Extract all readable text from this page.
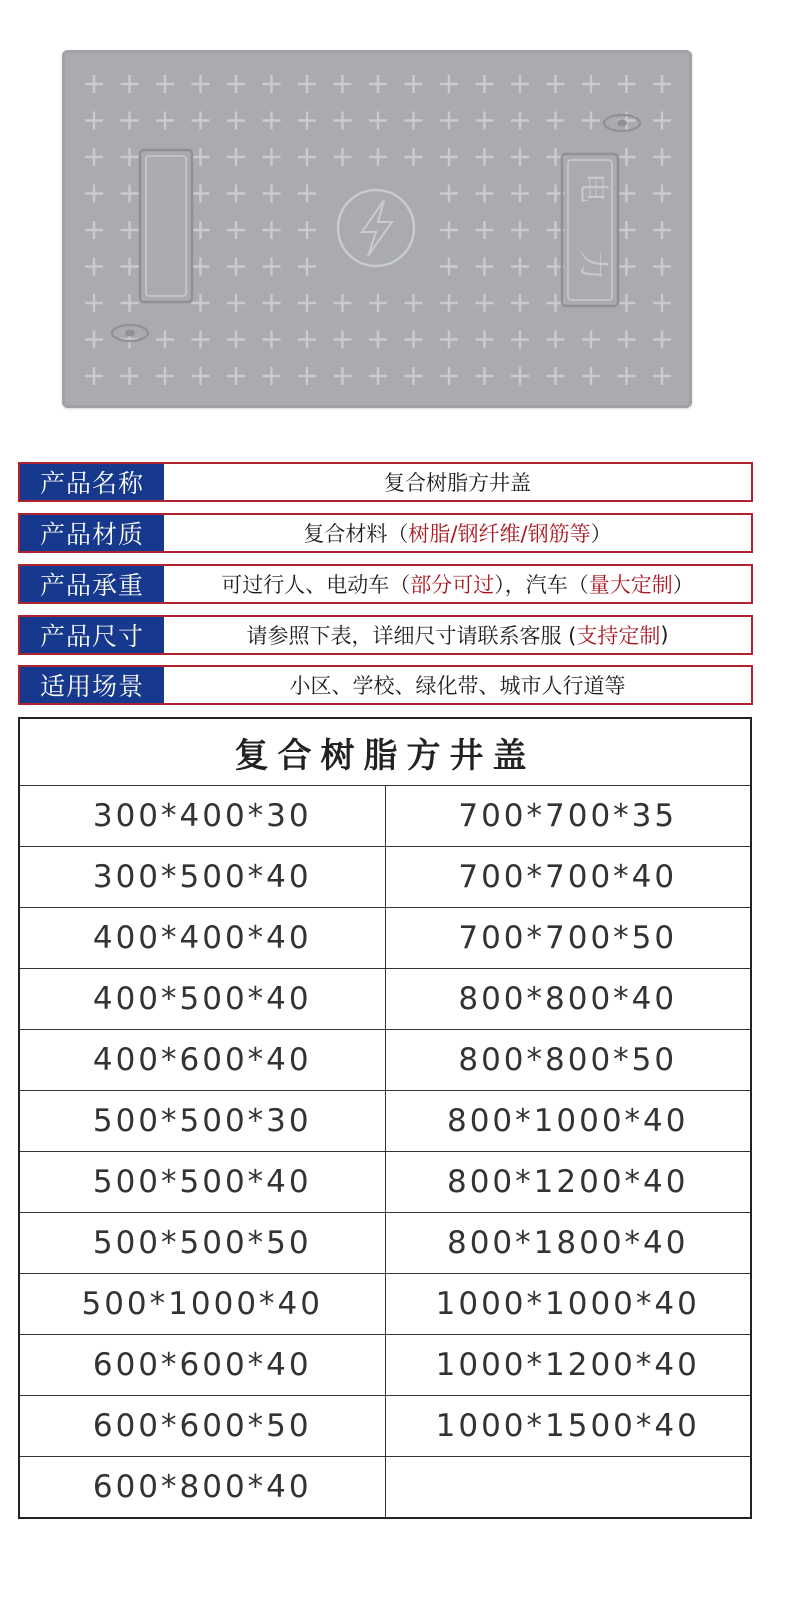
电
力
产品名称	复合树脂方井盖
产品材质	复合材料（ 树脂/钢纤维/钢筋等 ）
产品承重	可过行人、电动车（ 部分可过 ），汽车（ 量大定制 ）
产品尺寸	请参照下表，详细尺寸请联系客服 ( 支持定制 )
适用场景	小区、学校、绿化带、城市人行道等
复合树脂方井盖	
300*400*30	700*700*35
300*500*40	700*700*40
400*400*40	700*700*50
400*500*40	800*800*40
400*600*40	800*800*50
500*500*30	800*1000*40
500*500*40	800*1200*40
500*500*50	800*1800*40
500*1000*40	1000*1000*40
600*600*40	1000*1200*40
600*600*50	1000*1500*40
600*800*40	
